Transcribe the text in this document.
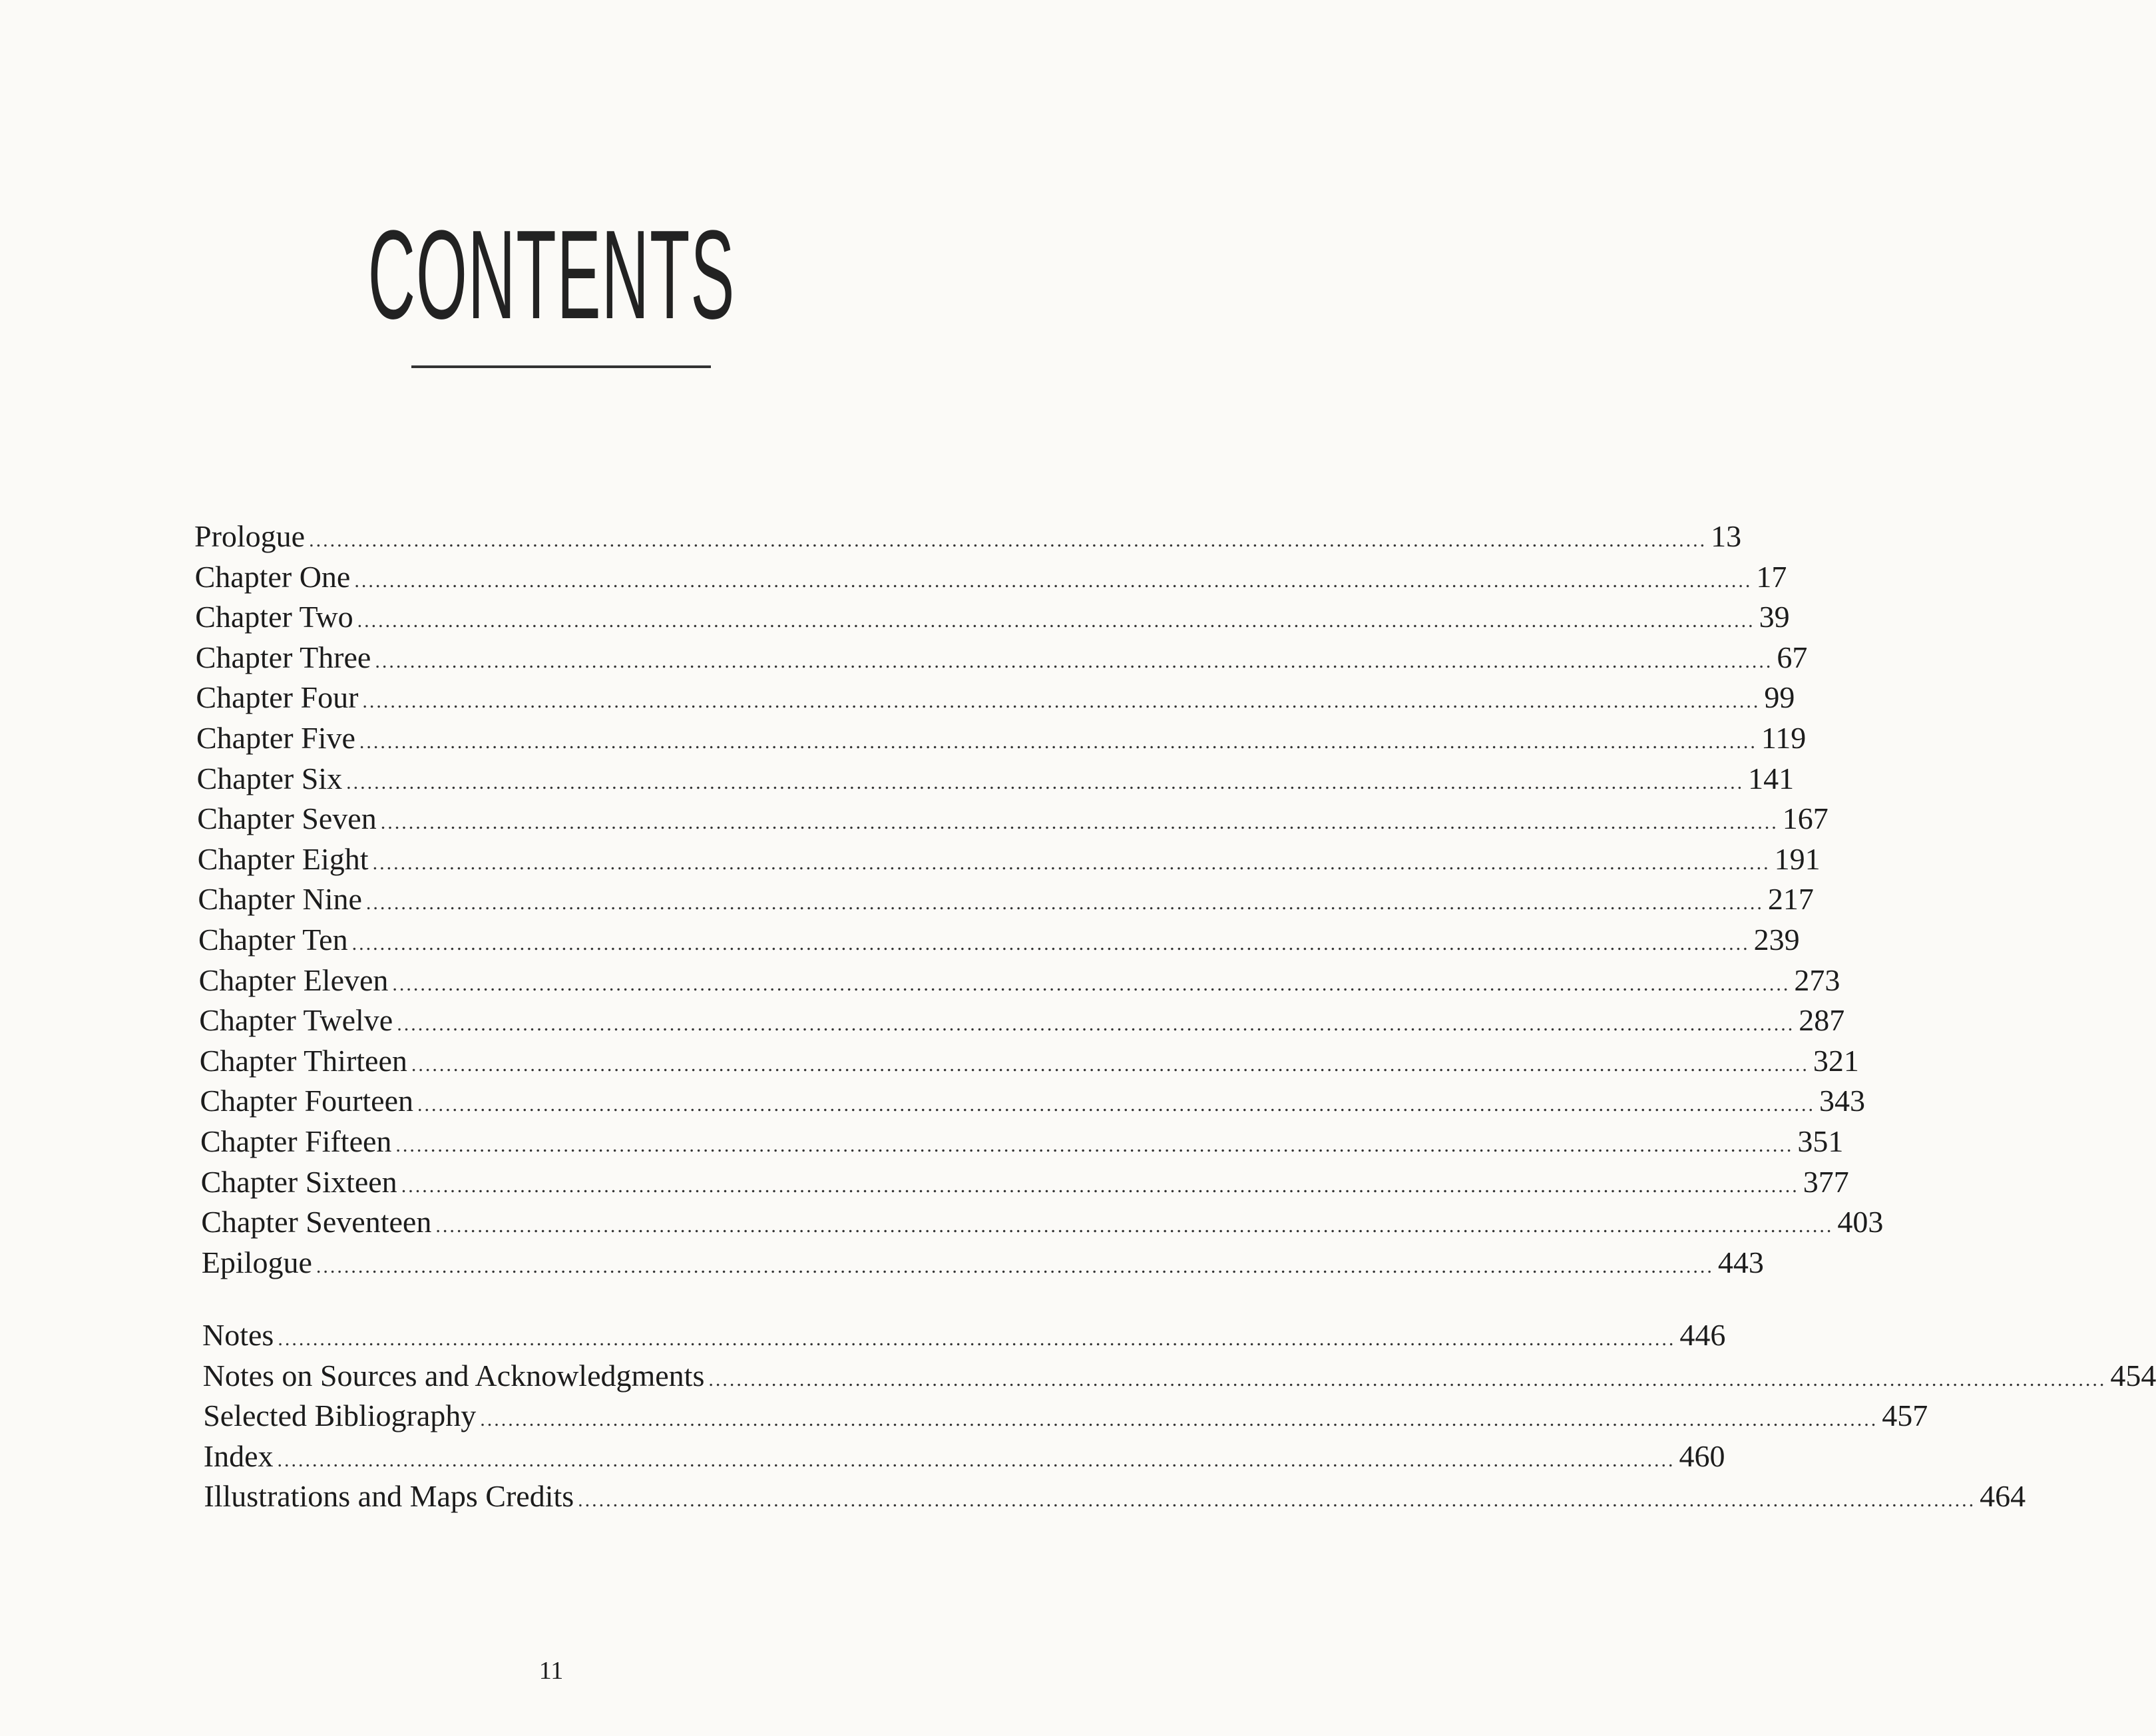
CONTENTS
Prologue ........................................................................................................................................................................................................ 13
Chapter One ........................................................................................................................................................................................................ 17
Chapter Two ........................................................................................................................................................................................................ 39
Chapter Three ........................................................................................................................................................................................................ 67
Chapter Four ........................................................................................................................................................................................................ 99
Chapter Five ........................................................................................................................................................................................................ 119
Chapter Six ........................................................................................................................................................................................................ 141
Chapter Seven ........................................................................................................................................................................................................ 167
Chapter Eight ........................................................................................................................................................................................................ 191
Chapter Nine ........................................................................................................................................................................................................ 217
Chapter Ten ........................................................................................................................................................................................................ 239
Chapter Eleven ........................................................................................................................................................................................................ 273
Chapter Twelve ........................................................................................................................................................................................................ 287
Chapter Thirteen ........................................................................................................................................................................................................ 321
Chapter Fourteen ........................................................................................................................................................................................................ 343
Chapter Fifteen ........................................................................................................................................................................................................ 351
Chapter Sixteen ........................................................................................................................................................................................................ 377
Chapter Seventeen ........................................................................................................................................................................................................ 403
Epilogue ........................................................................................................................................................................................................ 443
Notes ........................................................................................................................................................................................................ 446
Notes on Sources and Acknowledgments ........................................................................................................................................................................................................ 454
Selected Bibliography ........................................................................................................................................................................................................ 457
Index ........................................................................................................................................................................................................ 460
Illustrations and Maps Credits ........................................................................................................................................................................................................ 464
11
